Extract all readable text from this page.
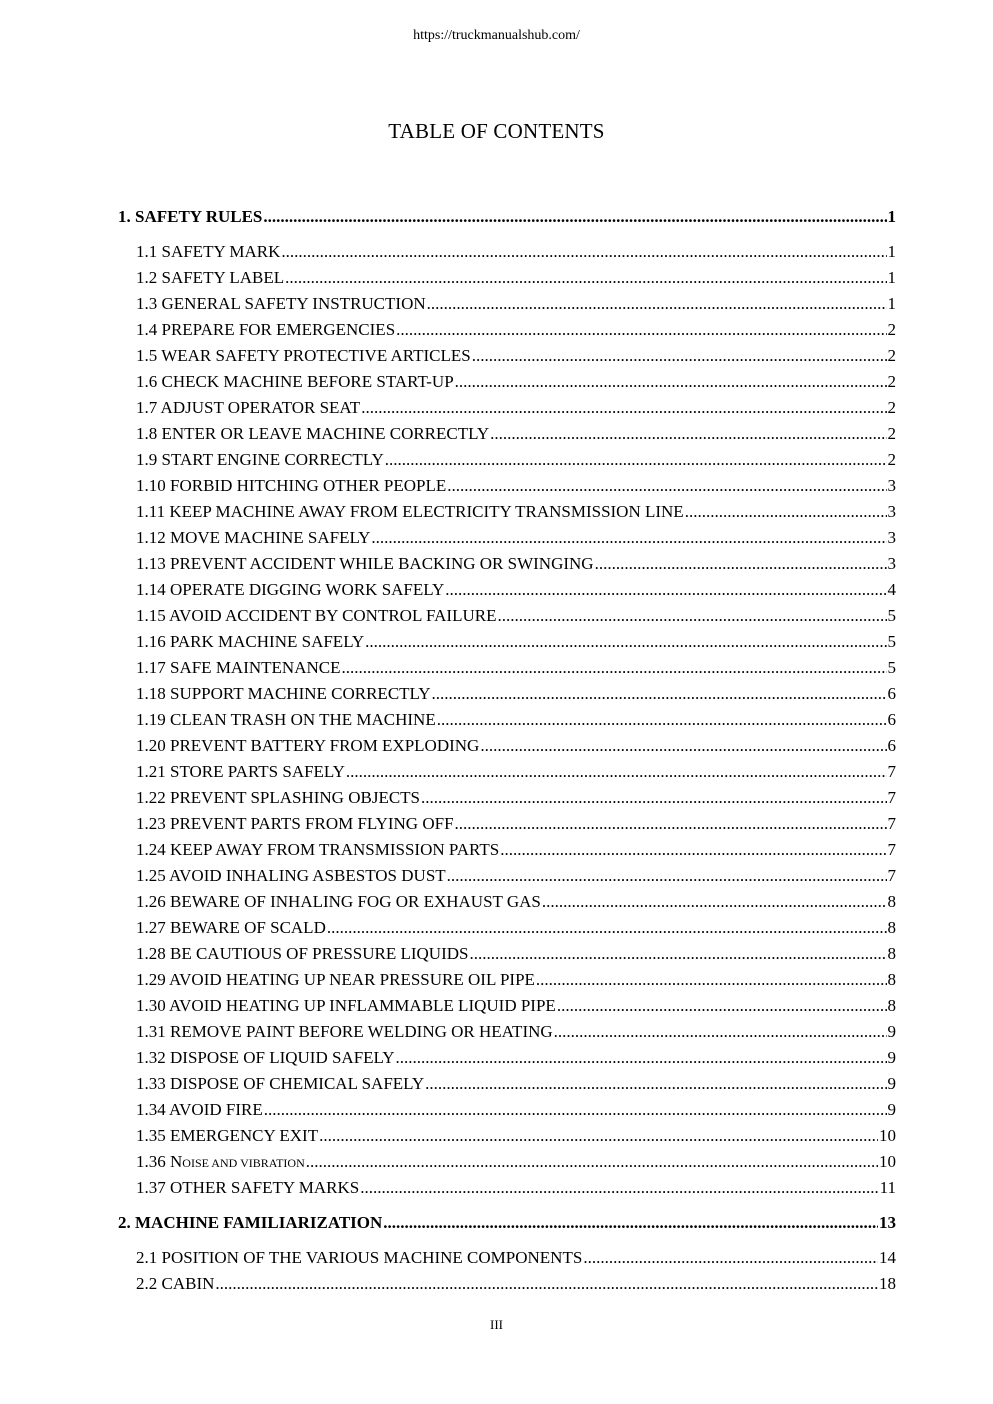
https://truckmanualshub.com/
TABLE OF CONTENTS
1. SAFETY RULES .....	1
1.1 SAFETY MARK .....	1
1.2 SAFETY LABEL .....	1
1.3 GENERAL SAFETY INSTRUCTION .....	1
1.4 PREPARE FOR EMERGENCIES .....	2
1.5 WEAR SAFETY PROTECTIVE ARTICLES .....	2
1.6 CHECK MACHINE BEFORE START-UP .....	2
1.7 ADJUST OPERATOR SEAT .....	2
1.8 ENTER OR LEAVE MACHINE CORRECTLY .....	2
1.9 START ENGINE CORRECTLY .....	2
1.10 FORBID HITCHING OTHER PEOPLE .....	3
1.11 KEEP MACHINE AWAY FROM ELECTRICITY TRANSMISSION LINE .....	3
1.12 MOVE MACHINE SAFELY .....	3
1.13 PREVENT ACCIDENT WHILE BACKING OR SWINGING .....	3
1.14 OPERATE DIGGING WORK SAFELY .....	4
1.15 AVOID ACCIDENT BY CONTROL FAILURE .....	5
1.16 PARK MACHINE SAFELY .....	5
1.17 SAFE MAINTENANCE .....	5
1.18 SUPPORT MACHINE CORRECTLY .....	6
1.19 CLEAN TRASH ON THE MACHINE .....	6
1.20 PREVENT BATTERY FROM EXPLODING .....	6
1.21 STORE PARTS SAFELY .....	7
1.22 PREVENT SPLASHING OBJECTS .....	7
1.23 PREVENT PARTS FROM FLYING OFF .....	7
1.24 KEEP AWAY FROM TRANSMISSION PARTS .....	7
1.25 AVOID INHALING ASBESTOS DUST .....	7
1.26 BEWARE OF INHALING FOG OR EXHAUST GAS .....	8
1.27 BEWARE OF SCALD .....	8
1.28 BE CAUTIOUS OF PRESSURE LIQUIDS .....	8
1.29 AVOID HEATING UP NEAR PRESSURE OIL PIPE .....	8
1.30 AVOID HEATING UP INFLAMMABLE LIQUID PIPE .....	8
1.31 REMOVE PAINT BEFORE WELDING OR HEATING .....	9
1.32 DISPOSE OF LIQUID SAFELY .....	9
1.33 DISPOSE OF CHEMICAL SAFELY .....	9
1.34 AVOID FIRE .....	9
1.35 EMERGENCY EXIT .....	10
1.36 NOISE AND VIBRATION .....	10
1.37 OTHER SAFETY MARKS .....	11
2. MACHINE FAMILIARIZATION .....	13
2.1 POSITION OF THE VARIOUS MACHINE COMPONENTS .....	14
2.2 CABIN .....	18
III
